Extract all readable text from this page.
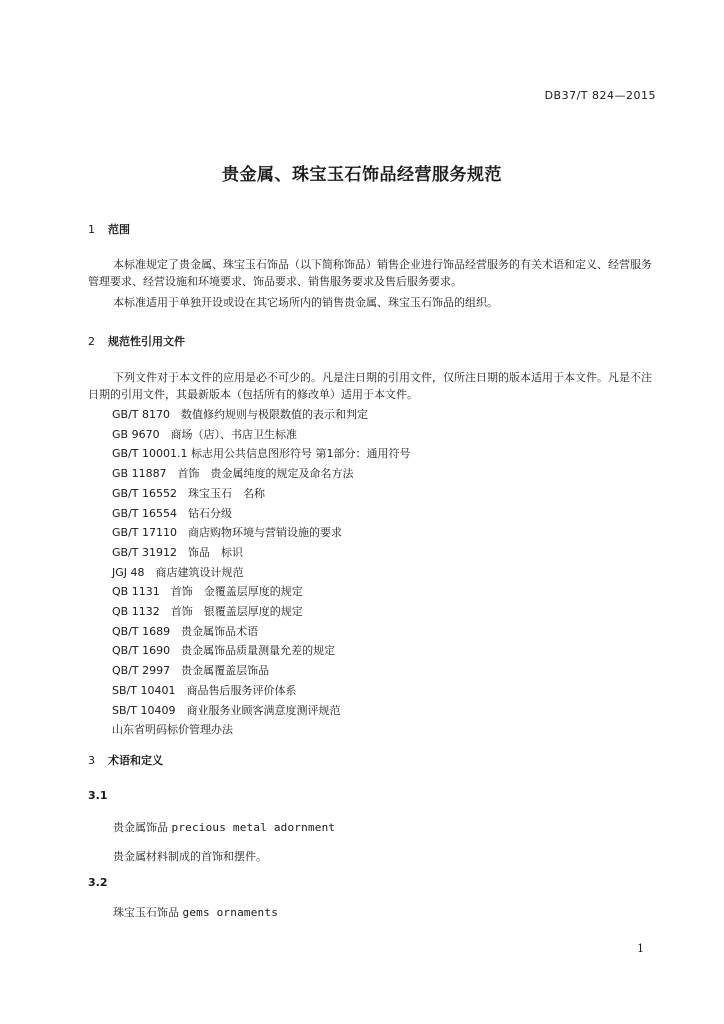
DB37/T 824—2015
贵金属、珠宝玉石饰品经营服务规范
1 范围
本标准规定了贵金属、珠宝玉石饰品（以下简称饰品）销售企业进行饰品经营服务的有关术语和定义、经营服务管理要求、经营设施和环境要求、饰品要求、销售服务要求及售后服务要求。
本标准适用于单独开设或设在其它场所内的销售贵金属、珠宝玉石饰品的组织。
2 规范性引用文件
下列文件对于本文件的应用是必不可少的。凡是注日期的引用文件，仅所注日期的版本适用于本文件。凡是不注日期的引用文件，其最新版本（包括所有的修改单）适用于本文件。
GB/T 8170　数值修约规则与极限数值的表示和判定
GB 9670　商场（店）、书店卫生标准
GB/T 10001.1 标志用公共信息图形符号 第1部分：通用符号
GB 11887　首饰　贵金属纯度的规定及命名方法
GB/T 16552　珠宝玉石　名称
GB/T 16554　钻石分级
GB/T 17110　商店购物环境与营销设施的要求
GB/T 31912　饰品　标识
JGJ 48　商店建筑设计规范
QB 1131　首饰　金覆盖层厚度的规定
QB 1132　首饰　银覆盖层厚度的规定
QB/T 1689　贵金属饰品术语
QB/T 1690　贵金属饰品质量测量允差的规定
QB/T 2997　贵金属覆盖层饰品
SB/T 10401　商品售后服务评价体系
SB/T 10409　商业服务业顾客满意度测评规范
山东省明码标价管理办法
3 术语和定义
3.1
贵金属饰品 precious metal adornment
贵金属材料制成的首饰和摆件。
3.2
珠宝玉石饰品 gems ornaments
1
